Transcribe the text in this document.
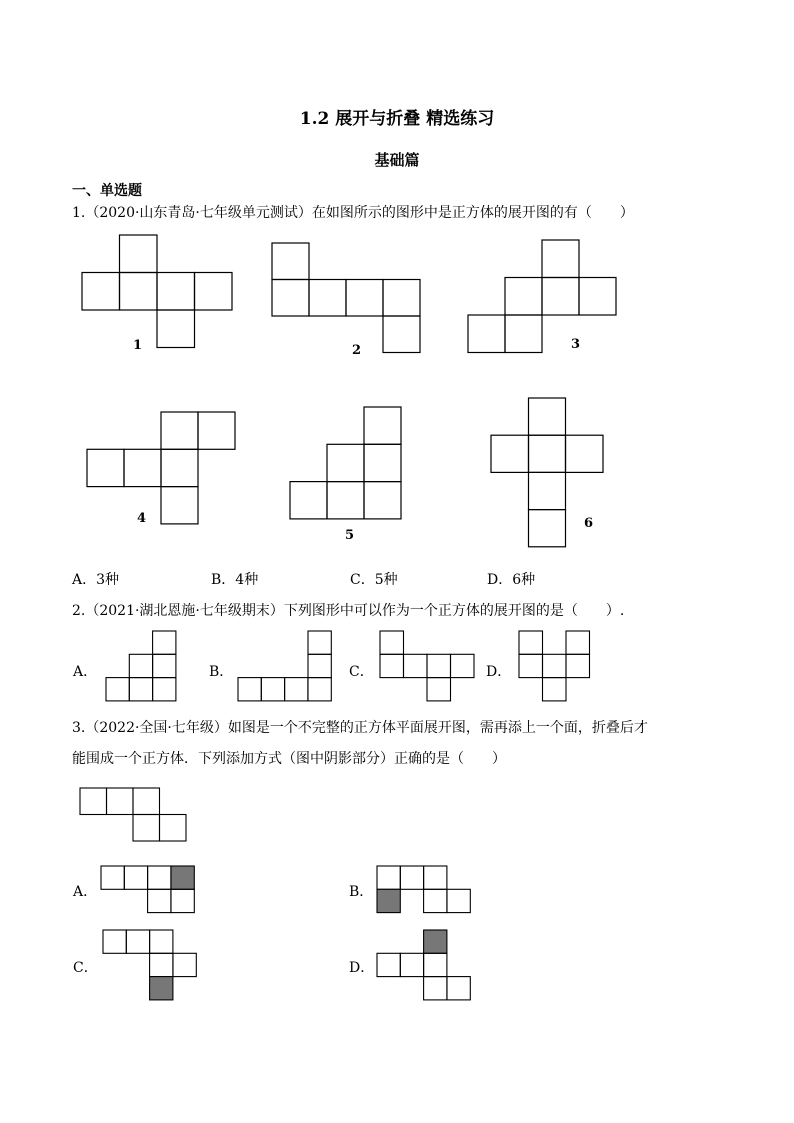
1.2 展开与折叠 精选练习
基础篇
一、单选题
1.（2020·山东青岛·七年级单元测试）在如图所示的图形中是正方体的展开图的有（　　）
1	2	3
4
5
6
A．3种	B．4种	C．5种	D．6种
2.（2021·湖北恩施·七年级期末）下列图形中可以作为一个正方体的展开图的是（　　）.
A．	B．	C．	D．
3.（2022·全国·七年级）如图是一个不完整的正方体平面展开图，需再添上一个面，折叠后才
能围成一个正方体．下列添加方式（图中阴影部分）正确的是（　　）
A．	B．
C．	D．
